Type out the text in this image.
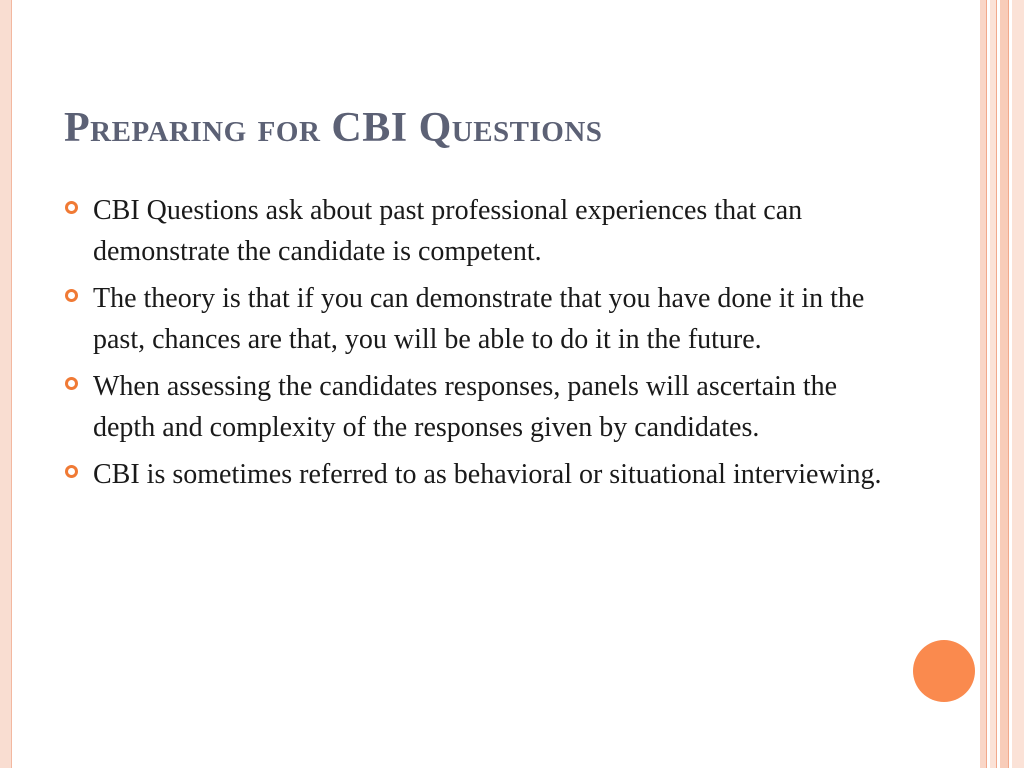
Preparing for CBI Questions
CBI Questions ask about past professional experiences that can demonstrate the candidate is competent.
The theory is that if you can demonstrate that you have done it in the past, chances are that, you will be able to do it in the future.
When assessing the candidates responses, panels will ascertain the depth and complexity of the responses given by candidates.
CBI is sometimes referred to as behavioral or situational interviewing.
